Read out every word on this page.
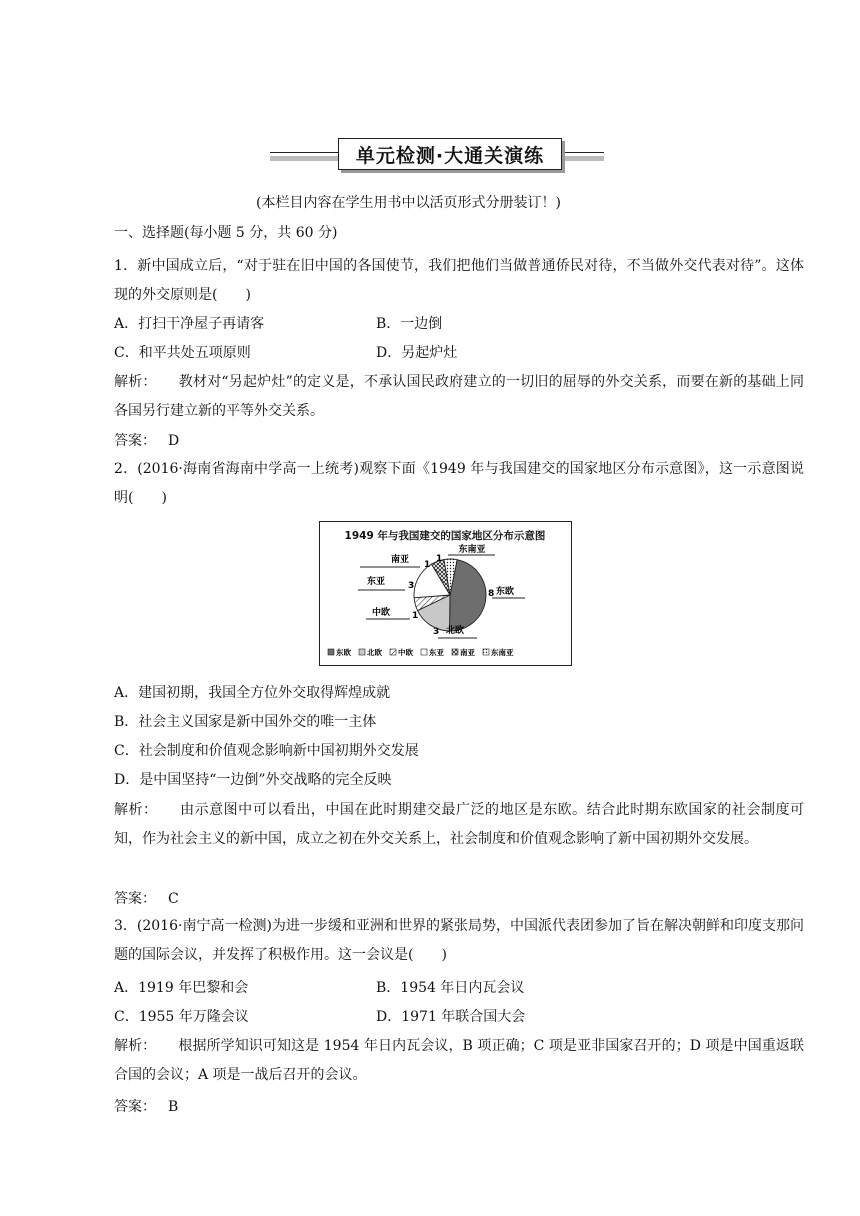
单元检测·大通关演练
(本栏目内容在学生用书中以活页形式分册装订！)
一、选择题(每小题 5 分，共 60 分)
1．新中国成立后，“对于驻在旧中国的各国使节，我们把他们当做普通侨民对待，不当做外交代表对待”。这体现的外交原则是(　　)
A．打扫干净屋子再请客	B．一边倒
C．和平共处五项原则	D．另起炉灶
解析： 教材对“另起炉灶”的定义是，不承认国民政府建立的一切旧的屈辱的外交关系，而要在新的基础上同各国另行建立新的平等外交关系。
答案： D
2．(2016·海南省海南中学高一上统考)观察下面《1949 年与我国建交的国家地区分布示意图》，这一示意图说明(　　)
1949 年与我国建交的国家地区分布示意图
8 东欧
3 北欧
1
中欧
3
东亚
1
南亚	1
东南亚
东欧 北欧 中欧 东亚 南亚 东南亚
A．建国初期，我国全方位外交取得辉煌成就
B．社会主义国家是新中国外交的唯一主体
C．社会制度和价值观念影响新中国初期外交发展
D．是中国坚持“一边倒”外交战略的完全反映
解析： 由示意图中可以看出，中国在此时期建交最广泛的地区是东欧。结合此时期东欧国家的社会制度可知，作为社会主义的新中国，成立之初在外交关系上，社会制度和价值观念影响了新中国初期外交发展。
答案： C
3．(2016·南宁高一检测)为进一步缓和亚洲和世界的紧张局势，中国派代表团参加了旨在解决朝鲜和印度支那问题的国际会议，并发挥了积极作用。这一会议是(　　)
A．1919 年巴黎和会	B．1954 年日内瓦会议
C．1955 年万隆会议	D．1971 年联合国大会
解析： 根据所学知识可知这是 1954 年日内瓦会议，B 项正确；C 项是亚非国家召开的；D 项是中国重返联合国的会议；A 项是一战后召开的会议。
答案： B
